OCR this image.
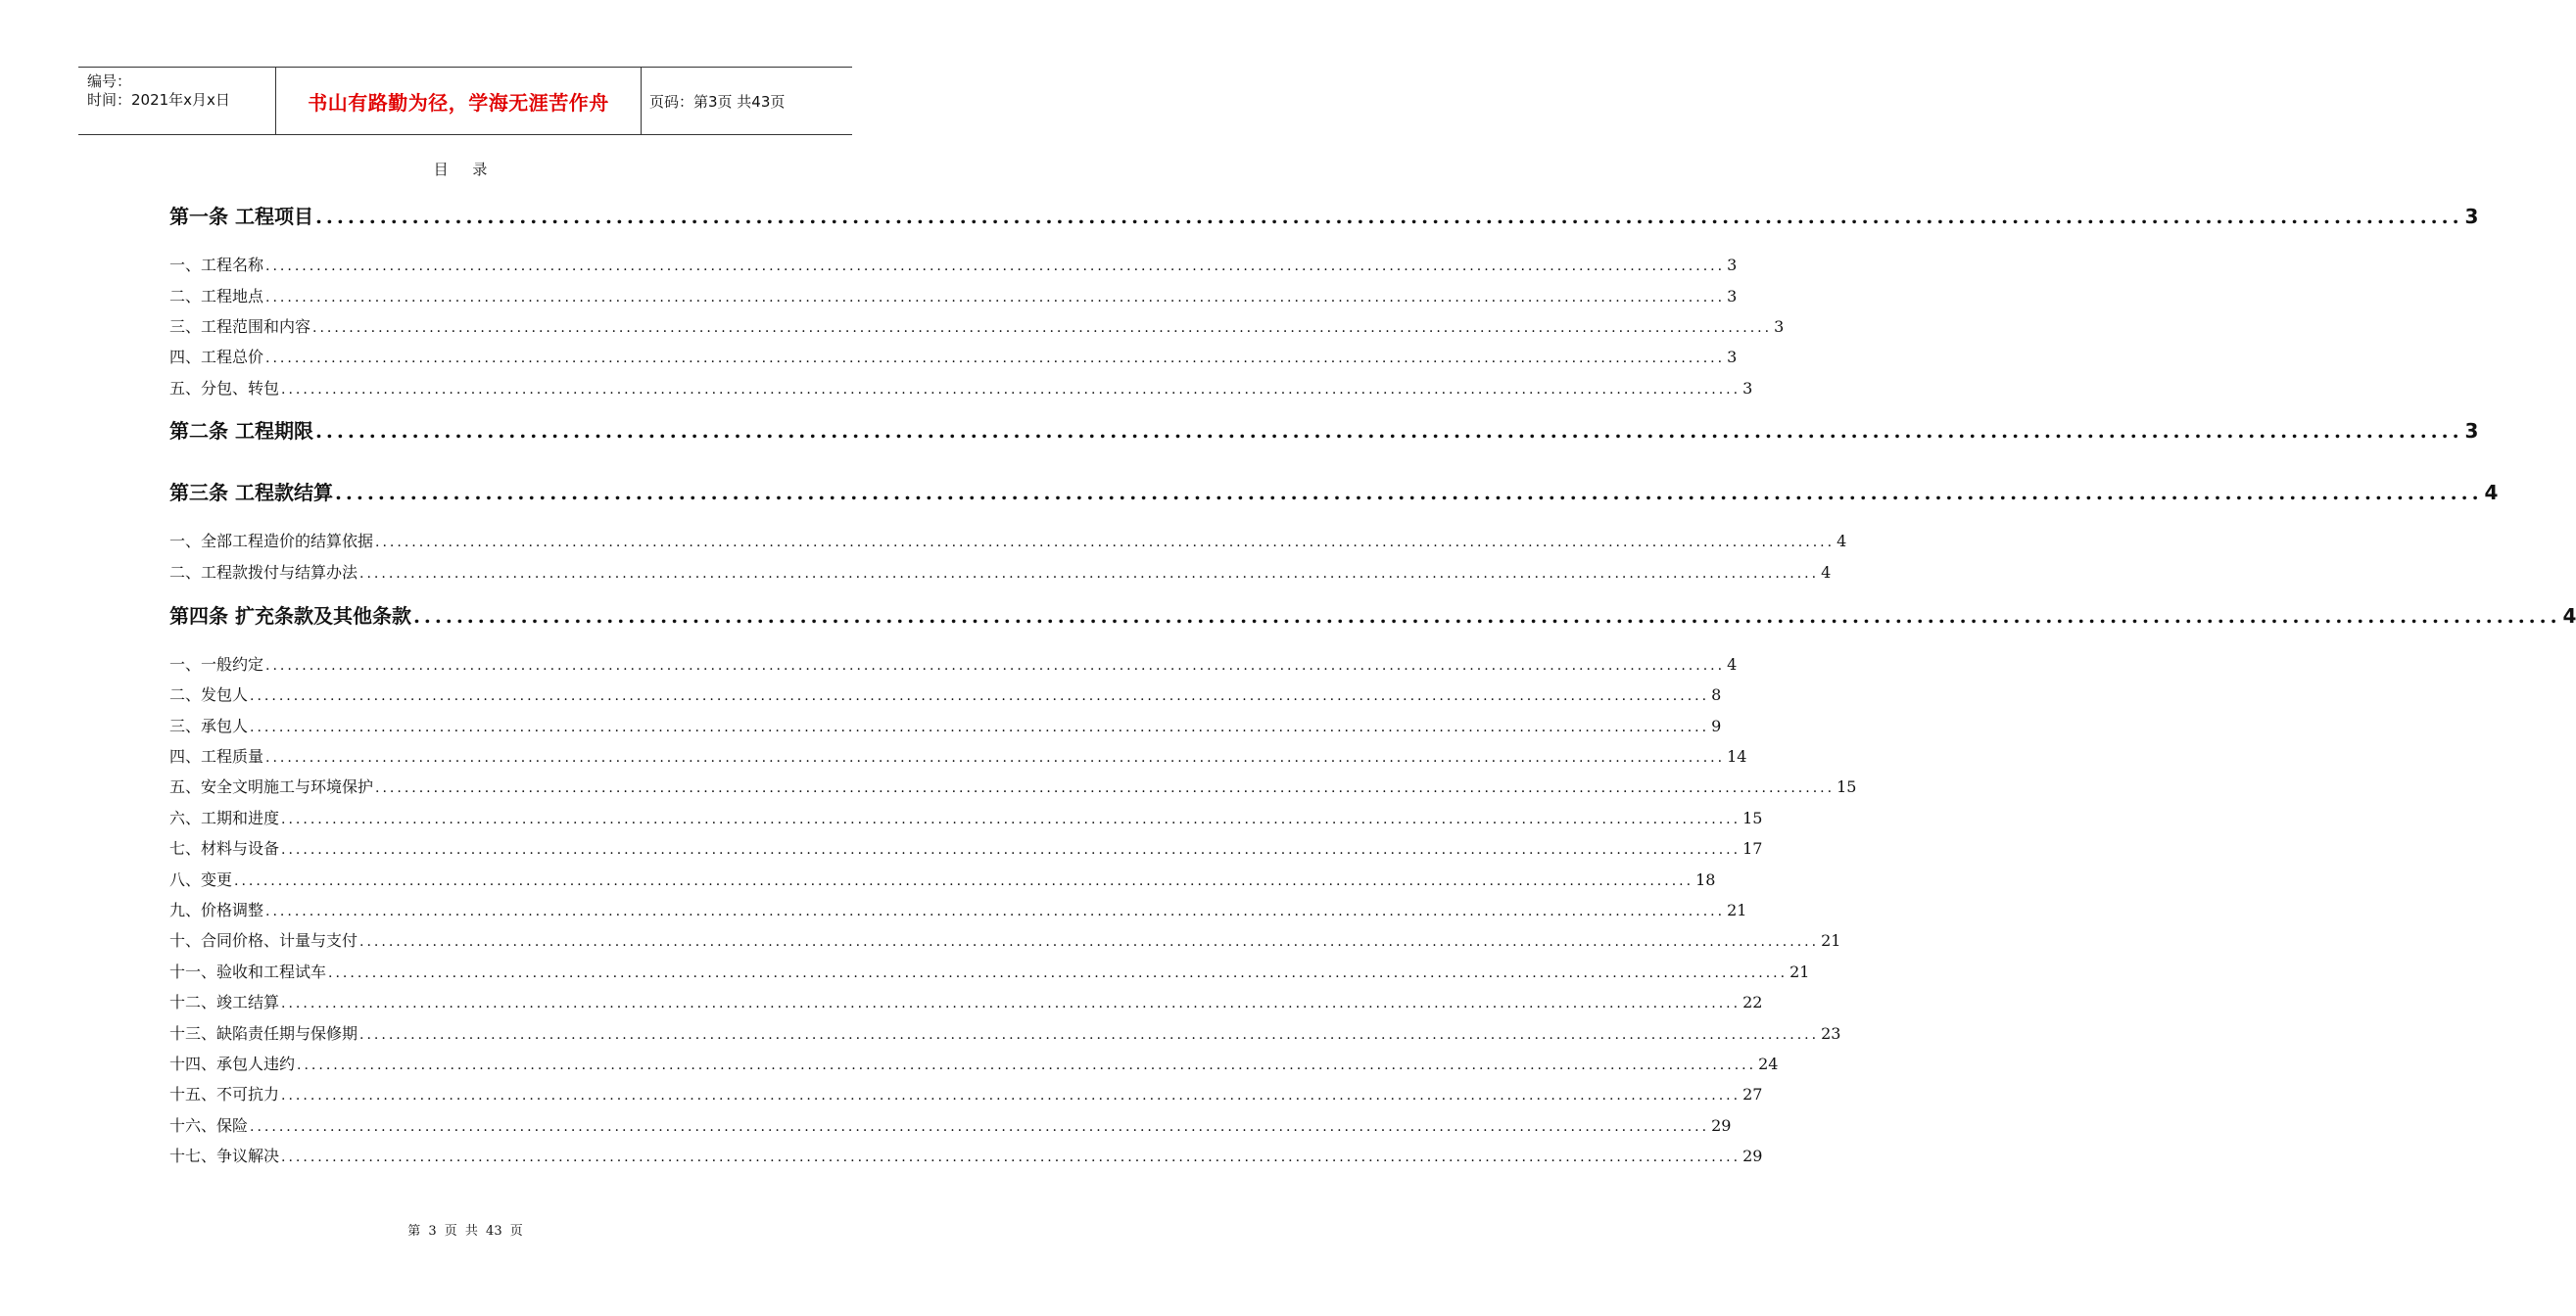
编号：
时间：2021年x月x日	书山有路勤为径，学海无涯苦作舟	页码：第3页 共43页
目 录
第一条 工程项目 ........................................................................................................................................................................................................ 3
一、工程名称 ........................................................................................................................................................................................................ 3
二、工程地点 ........................................................................................................................................................................................................ 3
三、工程范围和内容 ........................................................................................................................................................................................................ 3
四、工程总价 ........................................................................................................................................................................................................ 3
五、分包、转包 ........................................................................................................................................................................................................ 3
第二条 工程期限 ........................................................................................................................................................................................................ 3
第三条 工程款结算 ........................................................................................................................................................................................................ 4
一、全部工程造价的结算依据 ........................................................................................................................................................................................................ 4
二、工程款拨付与结算办法 ........................................................................................................................................................................................................ 4
第四条 扩充条款及其他条款 ........................................................................................................................................................................................................ 4
一、一般约定 ........................................................................................................................................................................................................ 4
二、发包人 ........................................................................................................................................................................................................ 8
三、承包人 ........................................................................................................................................................................................................ 9
四、工程质量 ........................................................................................................................................................................................................ 14
五、安全文明施工与环境保护 ........................................................................................................................................................................................................ 15
六、工期和进度 ........................................................................................................................................................................................................ 15
七、材料与设备 ........................................................................................................................................................................................................ 17
八、变更 ........................................................................................................................................................................................................ 18
九、价格调整 ........................................................................................................................................................................................................ 21
十、合同价格、计量与支付 ........................................................................................................................................................................................................ 21
十一、验收和工程试车 ........................................................................................................................................................................................................ 21
十二、竣工结算 ........................................................................................................................................................................................................ 22
十三、缺陷责任期与保修期 ........................................................................................................................................................................................................ 23
十四、承包人违约 ........................................................................................................................................................................................................ 24
十五、不可抗力 ........................................................................................................................................................................................................ 27
十六、保险 ........................................................................................................................................................................................................ 29
十七、争议解决 ........................................................................................................................................................................................................ 29
第 3 页 共 43 页
